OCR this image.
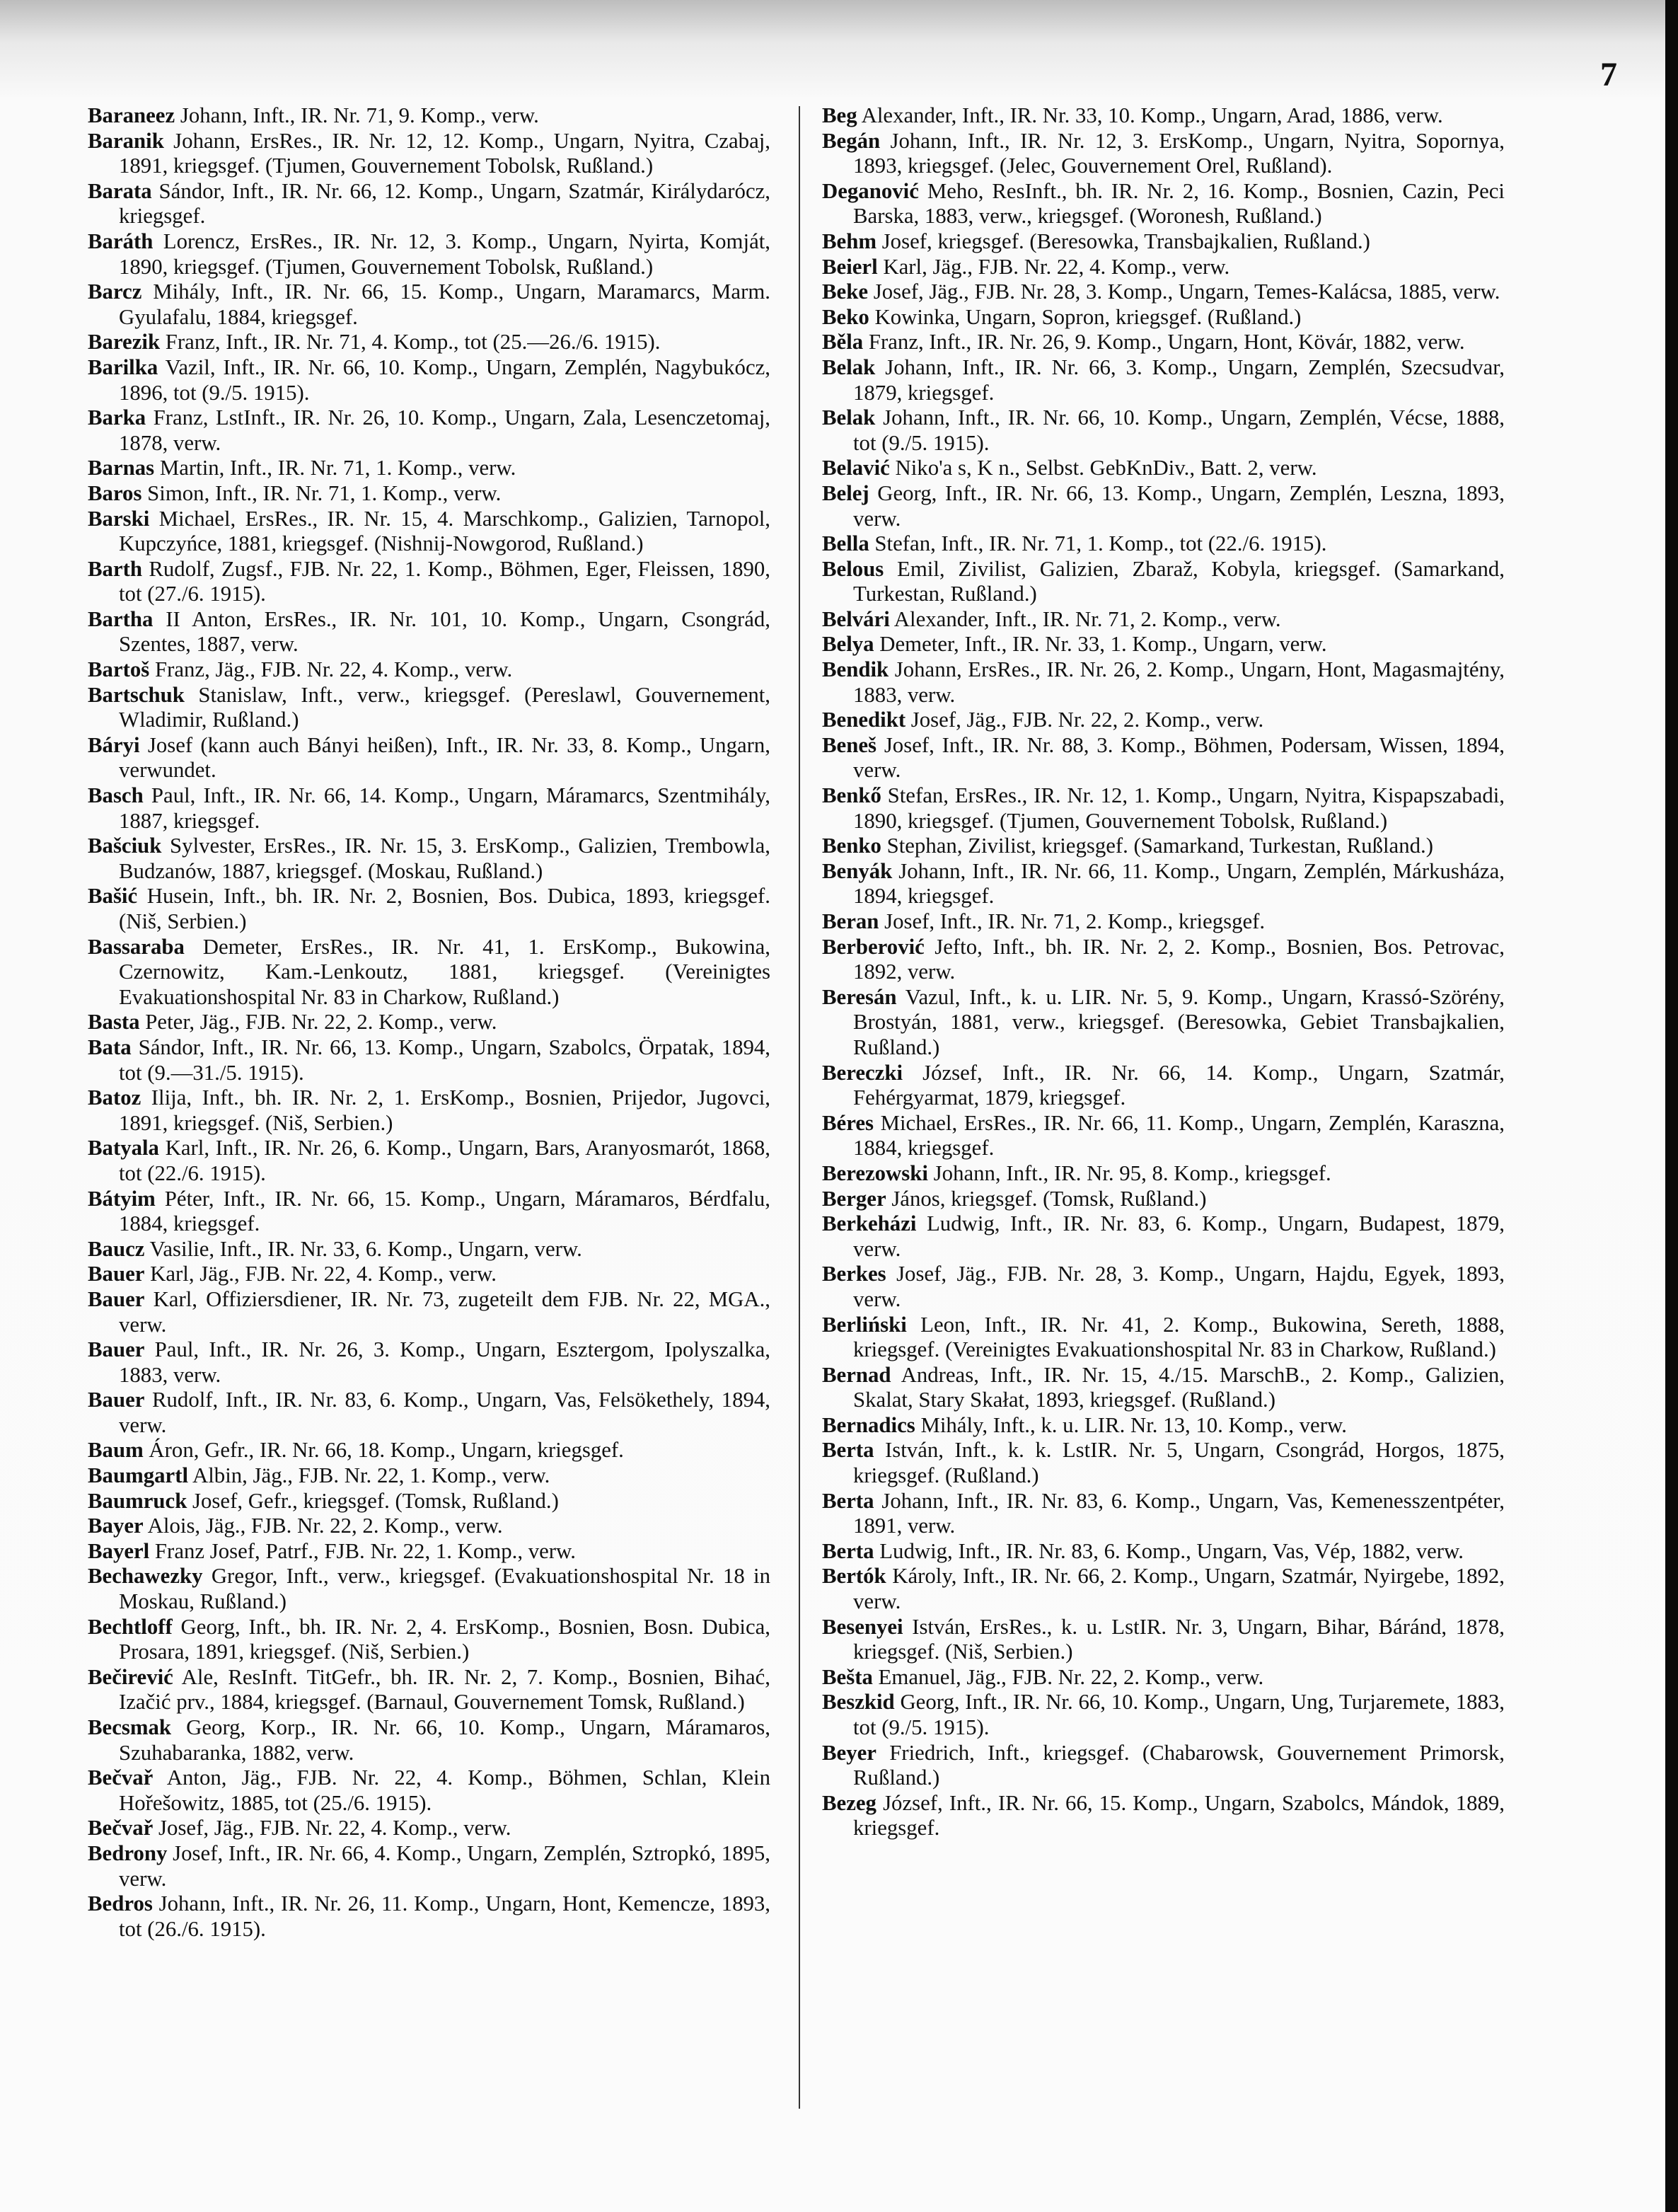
7

Baraneez Johann, Inft., IR. Nr. 71, 9. Komp., verw.

Baranik Johann, ErsRes., IR. Nr. 12, 12. Komp., Ungarn, Nyitra, Czabaj, 1891, kriegsgef. (Tjumen, Gouvernement Tobolsk, Rußland.)

Barata Sándor, Inft., IR. Nr. 66, 12. Komp., Ungarn, Szatmár, Királydarócz, kriegsgef.

Baráth Lorencz, ErsRes., IR. Nr. 12, 3. Komp., Ungarn, Nyirta, Komját, 1890, kriegsgef. (Tjumen, Gouvernement Tobolsk, Rußland.)

Barcz Mihály, Inft., IR. Nr. 66, 15. Komp., Ungarn, Maramarcs, Marm. Gyulafalu, 1884, kriegsgef.

Barezik Franz, Inft., IR. Nr. 71, 4. Komp., tot (25.—26./6. 1915).

Barilka Vazil, Inft., IR. Nr. 66, 10. Komp., Ungarn, Zemplén, Nagybukócz, 1896, tot (9./5. 1915).

Barka Franz, LstInft., IR. Nr. 26, 10. Komp., Ungarn, Zala, Lesenczetomaj, 1878, verw.

Barnas Martin, Inft., IR. Nr. 71, 1. Komp., verw.

Baros Simon, Inft., IR. Nr. 71, 1. Komp., verw.

Barski Michael, ErsRes., IR. Nr. 15, 4. Marschkomp., Galizien, Tarnopol, Kupczyńce, 1881, kriegsgef. (Nishnij-Nowgorod, Rußland.)

Barth Rudolf, Zugsf., FJB. Nr. 22, 1. Komp., Böhmen, Eger, Fleissen, 1890, tot (27./6. 1915).

Bartha II Anton, ErsRes., IR. Nr. 101, 10. Komp., Ungarn, Csongrád, Szentes, 1887, verw.

Bartoš Franz, Jäg., FJB. Nr. 22, 4. Komp., verw.

Bartschuk Stanislaw, Inft., verw., kriegsgef. (Pereslawl, Gouvernement, Wladimir, Rußland.)

Báryi Josef (kann auch Bányi heißen), Inft., IR. Nr. 33, 8. Komp., Ungarn, verwundet.

Basch Paul, Inft., IR. Nr. 66, 14. Komp., Ungarn, Máramarcs, Szentmihály, 1887, kriegsgef.

Bašciuk Sylvester, ErsRes., IR. Nr. 15, 3. ErsKomp., Galizien, Trembowla, Budzanów, 1887, kriegsgef. (Moskau, Rußland.)

Bašić Husein, Inft., bh. IR. Nr. 2, Bosnien, Bos. Dubica, 1893, kriegsgef. (Niš, Serbien.)

Bassaraba Demeter, ErsRes., IR. Nr. 41, 1. ErsKomp., Bukowina, Czernowitz, Kam.-Lenkoutz, 1881, kriegsgef. (Vereinigtes Evakuationshospital Nr. 83 in Charkow, Rußland.)

Basta Peter, Jäg., FJB. Nr. 22, 2. Komp., verw.

Bata Sándor, Inft., IR. Nr. 66, 13. Komp., Ungarn, Szabolcs, Örpatak, 1894, tot (9.—31./5. 1915).

Batoz Ilija, Inft., bh. IR. Nr. 2, 1. ErsKomp., Bosnien, Prijedor, Jugovci, 1891, kriegsgef. (Niš, Serbien.)

Batyala Karl, Inft., IR. Nr. 26, 6. Komp., Ungarn, Bars, Aranyosmarót, 1868, tot (22./6. 1915).

Bátyim Péter, Inft., IR. Nr. 66, 15. Komp., Ungarn, Máramaros, Bérdfalu, 1884, kriegsgef.

Baucz Vasilie, Inft., IR. Nr. 33, 6. Komp., Ungarn, verw.

Bauer Karl, Jäg., FJB. Nr. 22, 4. Komp., verw.

Bauer Karl, Offiziersdiener, IR. Nr. 73, zugeteilt dem FJB. Nr. 22, MGA., verw.

Bauer Paul, Inft., IR. Nr. 26, 3. Komp., Ungarn, Esztergom, Ipolyszalka, 1883, verw.

Bauer Rudolf, Inft., IR. Nr. 83, 6. Komp., Ungarn, Vas, Felsökethely, 1894, verw.

Baum Áron, Gefr., IR. Nr. 66, 18. Komp., Ungarn, kriegsgef.

Baumgartl Albin, Jäg., FJB. Nr. 22, 1. Komp., verw.

Baumruck Josef, Gefr., kriegsgef. (Tomsk, Rußland.)

Bayer Alois, Jäg., FJB. Nr. 22, 2. Komp., verw.

Bayerl Franz Josef, Patrf., FJB. Nr. 22, 1. Komp., verw.

Bechawezky Gregor, Inft., verw., kriegsgef. (Evakuationshospital Nr. 18 in Moskau, Rußland.)

Bechtloff Georg, Inft., bh. IR. Nr. 2, 4. ErsKomp., Bosnien, Bosn. Dubica, Prosara, 1891, kriegsgef. (Niš, Serbien.)

Bečirević Ale, ResInft. TitGefr., bh. IR. Nr. 2, 7. Komp., Bosnien, Bihać, Izačić prv., 1884, kriegsgef. (Barnaul, Gouvernement Tomsk, Rußland.)

Becsmak Georg, Korp., IR. Nr. 66, 10. Komp., Ungarn, Máramaros, Szuhabaranka, 1882, verw.

Bečvař Anton, Jäg., FJB. Nr. 22, 4. Komp., Böhmen, Schlan, Klein Hořešowitz, 1885, tot (25./6. 1915).

Bečvař Josef, Jäg., FJB. Nr. 22, 4. Komp., verw.

Bedrony Josef, Inft., IR. Nr. 66, 4. Komp., Ungarn, Zemplén, Sztropkó, 1895, verw.

Bedros Johann, Inft., IR. Nr. 26, 11. Komp., Ungarn, Hont, Kemencze, 1893, tot (26./6. 1915).

Beg Alexander, Inft., IR. Nr. 33, 10. Komp., Ungarn, Arad, 1886, verw.

Begán Johann, Inft., IR. Nr. 12, 3. ErsKomp., Ungarn, Nyitra, Sopornya, 1893, kriegsgef. (Jelec, Gouvernement Orel, Rußland).

Deganović Meho, ResInft., bh. IR. Nr. 2, 16. Komp., Bosnien, Cazin, Peci Barska, 1883, verw., kriegsgef. (Woronesh, Rußland.)

Behm Josef, kriegsgef. (Beresowka, Transbajkalien, Rußland.)

Beierl Karl, Jäg., FJB. Nr. 22, 4. Komp., verw.

Beke Josef, Jäg., FJB. Nr. 28, 3. Komp., Ungarn, Temes-Kalácsa, 1885, verw.

Beko Kowinka, Ungarn, Sopron, kriegsgef. (Rußland.)

Běla Franz, Inft., IR. Nr. 26, 9. Komp., Ungarn, Hont, Kövár, 1882, verw.

Belak Johann, Inft., IR. Nr. 66, 3. Komp., Ungarn, Zemplén, Szecsudvar, 1879, kriegsgef.

Belak Johann, Inft., IR. Nr. 66, 10. Komp., Ungarn, Zemplén, Vécse, 1888, tot (9./5. 1915).

Belavić Niko'a s, K n., Selbst. GebKnDiv., Batt. 2, verw.

Belej Georg, Inft., IR. Nr. 66, 13. Komp., Ungarn, Zemplén, Leszna, 1893, verw.

Bella Stefan, Inft., IR. Nr. 71, 1. Komp., tot (22./6. 1915).

Belous Emil, Zivilist, Galizien, Zbaraž, Kobyla, kriegsgef. (Samarkand, Turkestan, Rußland.)

Belvári Alexander, Inft., IR. Nr. 71, 2. Komp., verw.

Belya Demeter, Inft., IR. Nr. 33, 1. Komp., Ungarn, verw.

Bendik Johann, ErsRes., IR. Nr. 26, 2. Komp., Ungarn, Hont, Magasmajtény, 1883, verw.

Benedikt Josef, Jäg., FJB. Nr. 22, 2. Komp., verw.

Beneš Josef, Inft., IR. Nr. 88, 3. Komp., Böhmen, Podersam, Wissen, 1894, verw.

Benkő Stefan, ErsRes., IR. Nr. 12, 1. Komp., Ungarn, Nyitra, Kispapszabadi, 1890, kriegsgef. (Tjumen, Gouvernement Tobolsk, Rußland.)

Benko Stephan, Zivilist, kriegsgef. (Samarkand, Turkestan, Rußland.)

Benyák Johann, Inft., IR. Nr. 66, 11. Komp., Ungarn, Zemplén, Márkusháza, 1894, kriegsgef.

Beran Josef, Inft., IR. Nr. 71, 2. Komp., kriegsgef.

Berberović Jefto, Inft., bh. IR. Nr. 2, 2. Komp., Bosnien, Bos. Petrovac, 1892, verw.

Beresán Vazul, Inft., k. u. LIR. Nr. 5, 9. Komp., Ungarn, Krassó-Szörény, Brostyán, 1881, verw., kriegsgef. (Beresowka, Gebiet Transbajkalien, Rußland.)

Bereczki József, Inft., IR. Nr. 66, 14. Komp., Ungarn, Szatmár, Fehérgyarmat, 1879, kriegsgef.

Béres Michael, ErsRes., IR. Nr. 66, 11. Komp., Ungarn, Zemplén, Karaszna, 1884, kriegsgef.

Berezowski Johann, Inft., IR. Nr. 95, 8. Komp., kriegsgef.

Berger János, kriegsgef. (Tomsk, Rußland.)

Berkeházi Ludwig, Inft., IR. Nr. 83, 6. Komp., Ungarn, Budapest, 1879, verw.

Berkes Josef, Jäg., FJB. Nr. 28, 3. Komp., Ungarn, Hajdu, Egyek, 1893, verw.

Berliński Leon, Inft., IR. Nr. 41, 2. Komp., Bukowina, Sereth, 1888, kriegsgef. (Vereinigtes Evakuationshospital Nr. 83 in Charkow, Rußland.)

Bernad Andreas, Inft., IR. Nr. 15, 4./15. MarschB., 2. Komp., Galizien, Skalat, Stary Skałat, 1893, kriegsgef. (Rußland.)

Bernadics Mihály, Inft., k. u. LIR. Nr. 13, 10. Komp., verw.

Berta István, Inft., k. k. LstIR. Nr. 5, Ungarn, Csongrád, Horgos, 1875, kriegsgef. (Rußland.)

Berta Johann, Inft., IR. Nr. 83, 6. Komp., Ungarn, Vas, Kemenesszentpéter, 1891, verw.

Berta Ludwig, Inft., IR. Nr. 83, 6. Komp., Ungarn, Vas, Vép, 1882, verw.

Bertók Károly, Inft., IR. Nr. 66, 2. Komp., Ungarn, Szatmár, Nyirgebe, 1892, verw.

Besenyei István, ErsRes., k. u. LstIR. Nr. 3, Ungarn, Bihar, Báránd, 1878, kriegsgef. (Niš, Serbien.)

Bešta Emanuel, Jäg., FJB. Nr. 22, 2. Komp., verw.

Beszkid Georg, Inft., IR. Nr. 66, 10. Komp., Ungarn, Ung, Turjaremete, 1883, tot (9./5. 1915).

Beyer Friedrich, Inft., kriegsgef. (Chabarowsk, Gouvernement Primorsk, Rußland.)

Bezeg József, Inft., IR. Nr. 66, 15. Komp., Ungarn, Szabolcs, Mándok, 1889, kriegsgef.
